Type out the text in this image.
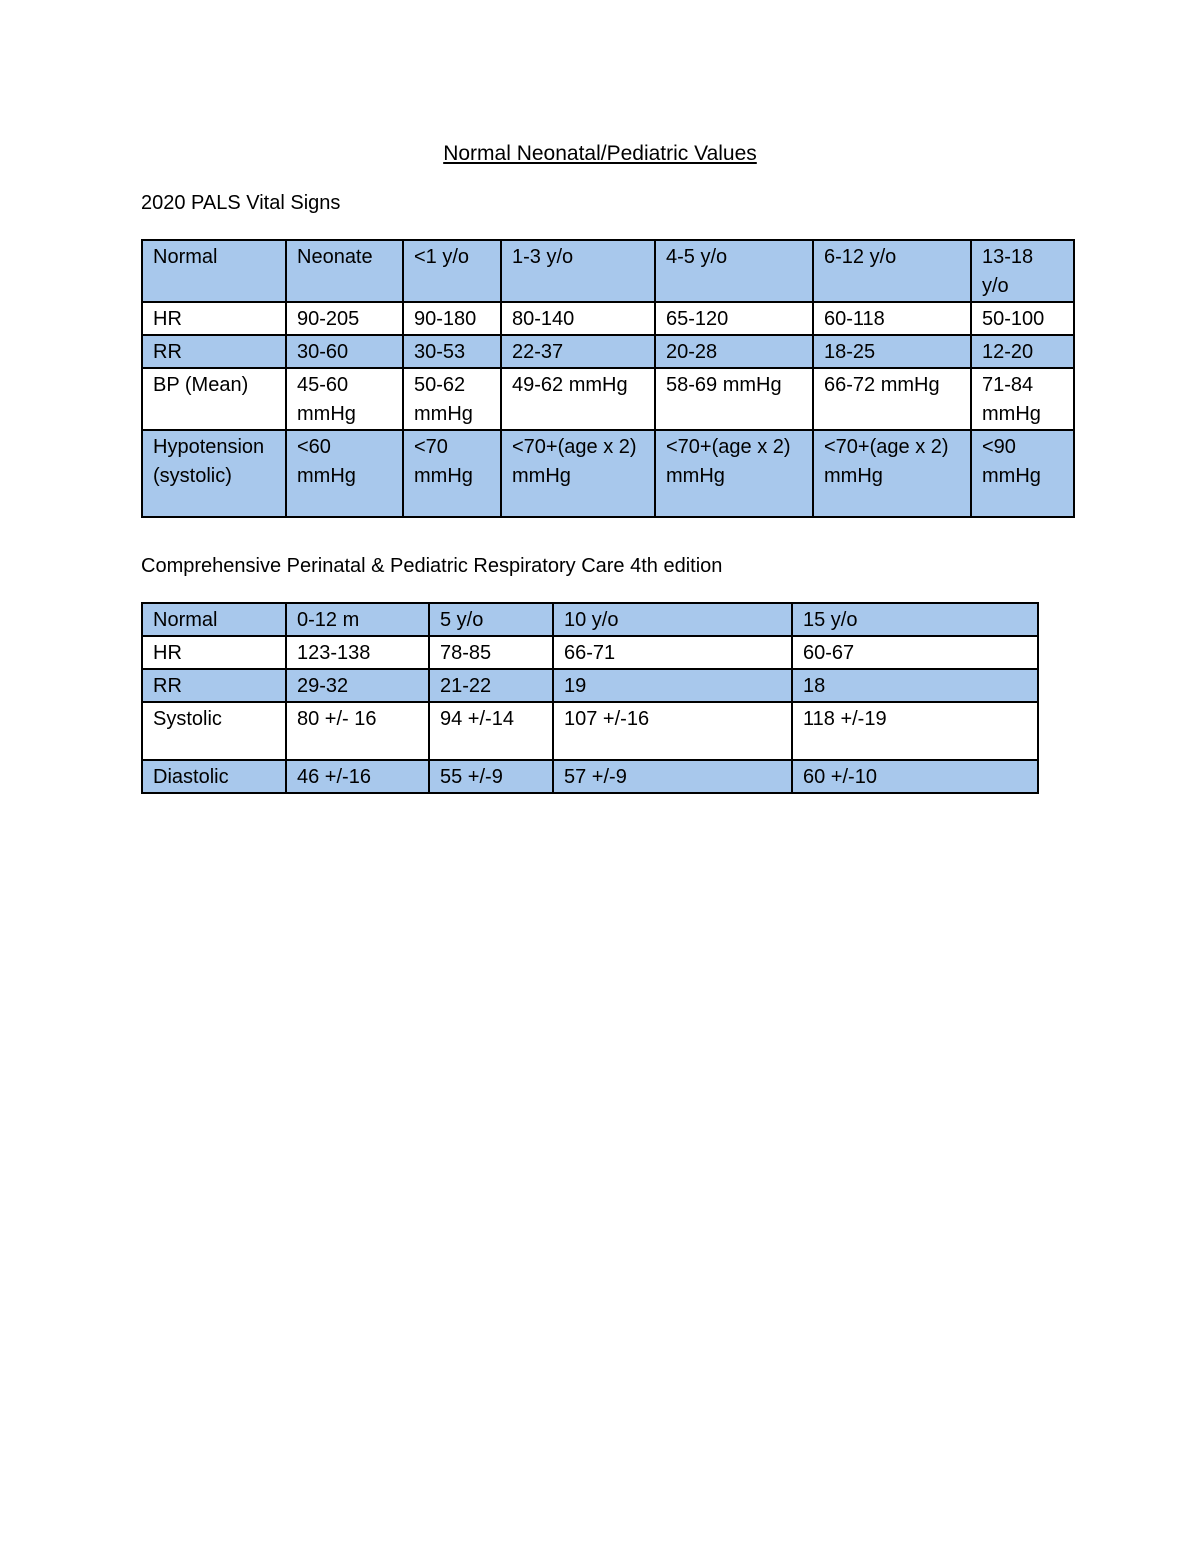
Normal Neonatal/Pediatric Values
2020 PALS Vital Signs
Normal	Neonate	<1 y/o	1-3 y/o	4-5 y/o	6-12 y/o	13-18 y/o
HR	90-205	90-180	80-140	65-120	60-118	50-100
RR	30-60	30-53	22-37	20-28	18-25	12-20
BP (Mean)	45-60 mmHg	50-62 mmHg	49-62 mmHg	58-69 mmHg	66-72 mmHg	71-84 mmHg
Hypotension (systolic)	<60 mmHg	<70 mmHg	<70+(age x 2) mmHg	<70+(age x 2) mmHg	<70+(age x 2) mmHg	<90 mmHg
Comprehensive Perinatal & Pediatric Respiratory Care 4th edition
Normal	0-12 m	5 y/o	10 y/o	15 y/o
HR	123-138	78-85	66-71	60-67
RR	29-32	21-22	19	18
Systolic	80 +/- 16	94 +/-14	107 +/-16	118 +/-19
Diastolic	46 +/-16	55 +/-9	57 +/-9	60 +/-10
